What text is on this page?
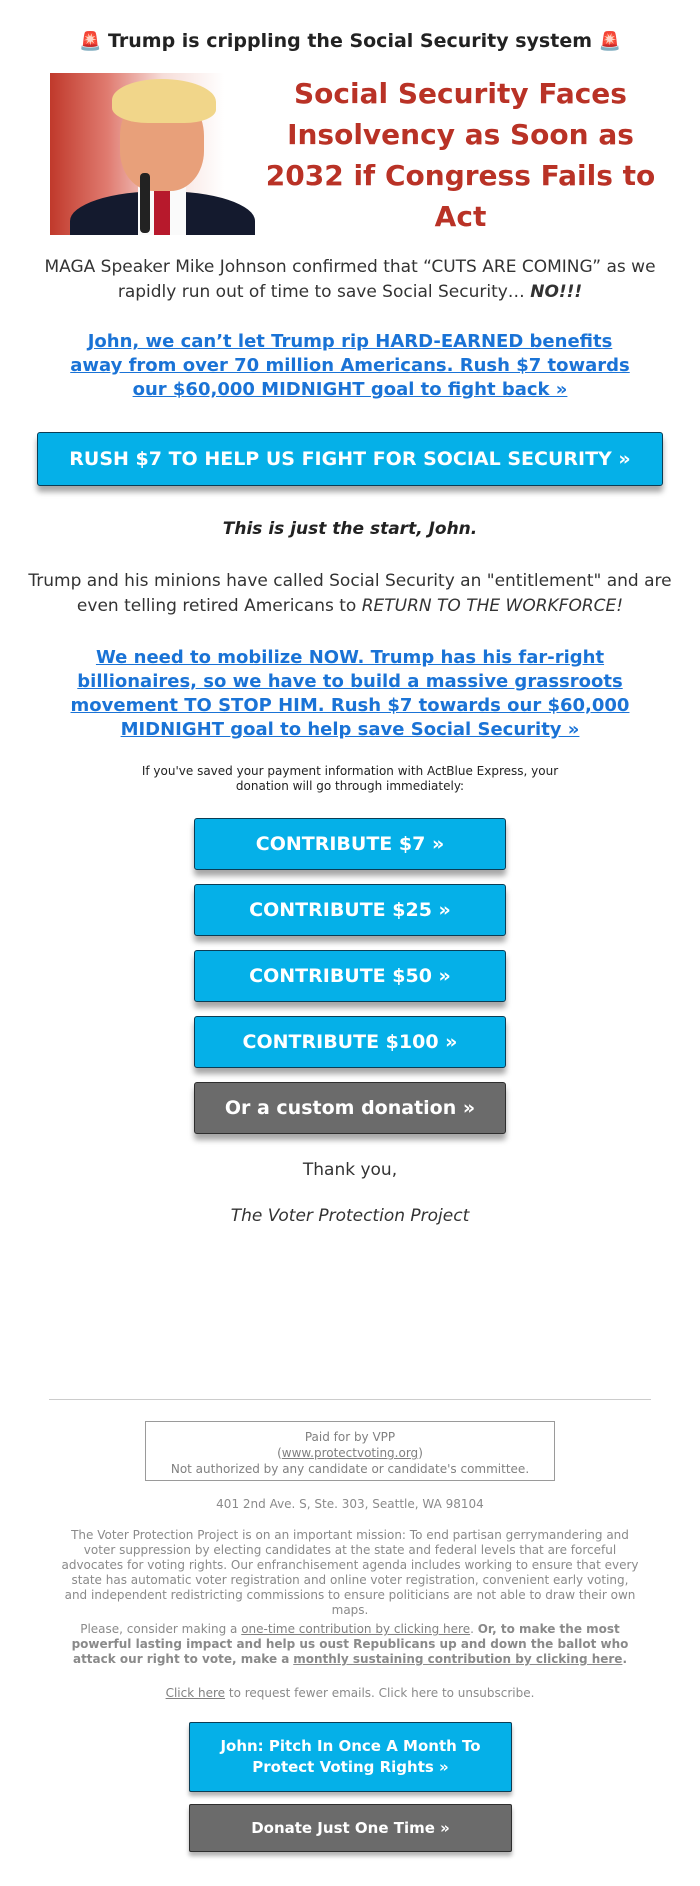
🚨 Trump is crippling the Social Security system 🚨
Social Security Faces Insolvency as Soon as 2032 if Congress Fails to Act

MAGA Speaker Mike Johnson confirmed that “CUTS ARE COMING” as we rapidly run out of time to save Social Security… NO!!!

John, we can’t let Trump rip HARD-EARNED benefits away from over 70 million Americans. Rush $7 towards our $60,000 MIDNIGHT goal to fight back »
RUSH $7 TO HELP US FIGHT FOR SOCIAL SECURITY »

This is just the start, John.

Trump and his minions have called Social Security an "entitlement" and are even telling retired Americans to RETURN TO THE WORKFORCE!

We need to mobilize NOW. Trump has his far-right billionaires, so we have to build a massive grassroots movement TO STOP HIM. Rush $7 towards our $60,000 MIDNIGHT goal to help save Social Security »

If you've saved your payment information with ActBlue Express, your donation will go through immediately:

CONTRIBUTE $7 »
CONTRIBUTE $25 »
CONTRIBUTE $50 »
CONTRIBUTE $100 »
Or a custom donation »

Thank you,

The Voter Protection Project

Paid for by VPP
(www.protectvoting.org)
Not authorized by any candidate or candidate's committee.
401 2nd Ave. S, Ste. 303, Seattle, WA 98104
The Voter Protection Project is on an important mission: To end partisan gerrymandering and voter suppression by electing candidates at the state and federal levels that are forceful advocates for voting rights. Our enfranchisement agenda includes working to ensure that every state has automatic voter registration and online voter registration, convenient early voting, and independent redistricting commissions to ensure politicians are not able to draw their own maps.
Please, consider making a one-time contribution by clicking here. Or, to make the most powerful lasting impact and help us oust Republicans up and down the ballot who attack our right to vote, make a monthly sustaining contribution by clicking here.
Click here to request fewer emails. Click here to unsubscribe.
John: Pitch In Once A Month To Protect Voting Rights »
Donate Just One Time »
